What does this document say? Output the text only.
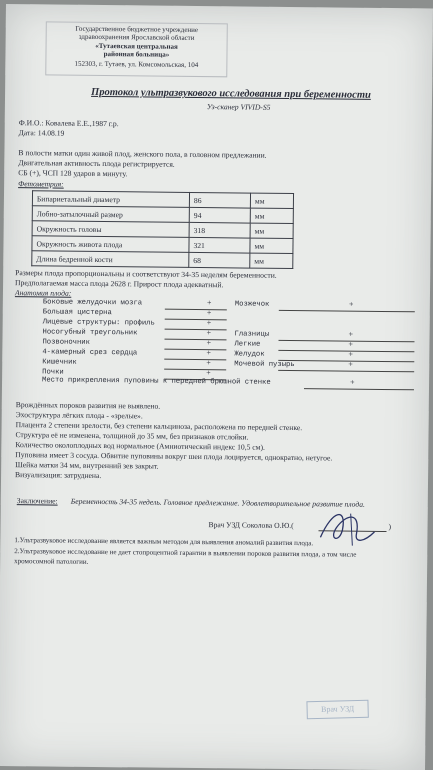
Государственное бюджетное учреждение
здравоохранения Ярославской области
«Тутаевская центральная
районная больница»
152303, г. Тутаев, ул. Комсомольская, 104
Протокол ультразвукового исследования при беременности
Уз-сканер VIVID-S5
Ф.И.О.: Ковалева Е.Е.,1987 г.р.
Дата: 14.08.19
В полости матки один живой плод, женского пола, в головном предлежании.
Двигательная активность плода регистрируется.
СБ (+), ЧСП 128 ударов в минуту.
Фетометрия:
Бипариетальный диаметр	86	мм
Лобно-затылочный размер	94	мм
Окружность головы	318	мм
Окружность живота плода	321	мм
Длина бедренной кости	68	мм
Размеры плода пропорциональны и соответствуют 34-35 неделям беременности.
Предполагаемая масса плода 2628 г. Прирост плода адекватный.
Анатомия плода:
Боковые желудочки мозга	+
Большая цистерна	+
Лицевые структуры: профиль	+
Носогубный треугольник	+
Позвоночник	+
4-камерный срез сердца	+
Кишечник	+
Почки	+
Мозжечок	+
Глазницы	+
Легкие	+
Желудок	+
Мочевой пузырь	+
Место прикрепления пуповины к передней брюшной стенке	+
Врождённых пороков развития не выявлено.
Эхоструктура лёгких плода - «зрелые».
Плацента 2 степени зрелости, без степени кальциноза, расположена по передней стенке.
Структура её не изменена, толщиной до 35 мм, без признаков отслойки.
Количество околоплодных вод нормальное (Амниотический индекс 10,5 см).
Пуповина имеет 3 сосуда. Обвитие пуповины вокруг шеи плода лоцируется, однократно, нетугое.
Шейка матки 34 мм, внутренний зев закрыт.
Визуализация: затруднена.
Заключение: Беременность 34-35 недель. Головное предлежание. Удовлетворительное развитие плода.
Врач УЗД Соколова О.Ю.(	)
1.Ультразвуковое исследование является важным методом для выявления аномалий развития плода.
2.Ультразвуковое исследование не дает стопроцентной гарантии в выявлении пороков развития плода, а том числе
хромосомной патологии.
Врач УЗД
